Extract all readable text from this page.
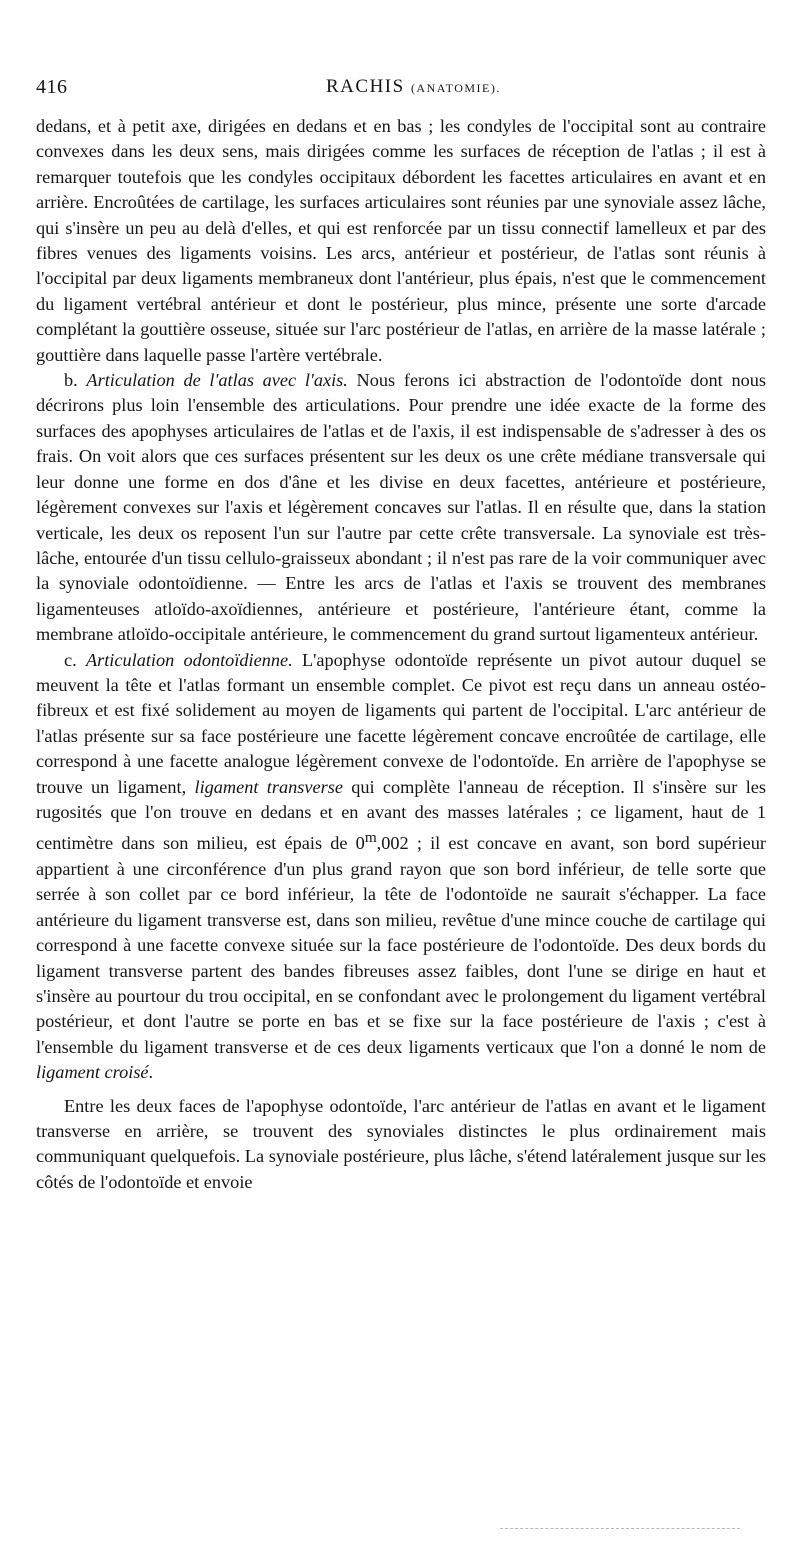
416	RACHIS (ANATOMIE).

dedans, et à petit axe, dirigées en dedans et en bas ; les condyles de l'occipital sont au contraire convexes dans les deux sens, mais dirigées comme les surfaces de réception de l'atlas ; il est à remarquer toutefois que les condyles occipitaux débordent les facettes articulaires en avant et en arrière. Encroûtées de cartilage, les surfaces articulaires sont réunies par une synoviale assez lâche, qui s'insère un peu au delà d'elles, et qui est renforcée par un tissu connectif lamelleux et par des fibres venues des ligaments voisins. Les arcs, antérieur et postérieur, de l'atlas sont réunis à l'occipital par deux ligaments membraneux dont l'antérieur, plus épais, n'est que le commencement du ligament vertébral antérieur et dont le postérieur, plus mince, présente une sorte d'arcade complétant la gouttière osseuse, située sur l'arc postérieur de l'atlas, en arrière de la masse latérale ; gouttière dans laquelle passe l'artère vertébrale.

b. Articulation de l'atlas avec l'axis. Nous ferons ici abstraction de l'odontoïde dont nous décrirons plus loin l'ensemble des articulations. Pour prendre une idée exacte de la forme des surfaces des apophyses articulaires de l'atlas et de l'axis, il est indispensable de s'adresser à des os frais. On voit alors que ces surfaces présentent sur les deux os une crête médiane transversale qui leur donne une forme en dos d'âne et les divise en deux facettes, antérieure et postérieure, légèrement convexes sur l'axis et légèrement concaves sur l'atlas. Il en résulte que, dans la station verticale, les deux os reposent l'un sur l'autre par cette crête transversale. La synoviale est très-lâche, entourée d'un tissu cellulo-graisseux abondant ; il n'est pas rare de la voir communiquer avec la synoviale odontoïdienne. — Entre les arcs de l'atlas et l'axis se trouvent des membranes ligamenteuses atloïdo-axoïdiennes, antérieure et postérieure, l'antérieure étant, comme la membrane atloïdo-occipitale antérieure, le commencement du grand surtout ligamenteux antérieur.

c. Articulation odontoïdienne. L'apophyse odontoïde représente un pivot autour duquel se meuvent la tête et l'atlas formant un ensemble complet. Ce pivot est reçu dans un anneau ostéo-fibreux et est fixé solidement au moyen de ligaments qui partent de l'occipital. L'arc antérieur de l'atlas présente sur sa face postérieure une facette légèrement concave encroûtée de cartilage, elle correspond à une facette analogue légèrement convexe de l'odontoïde. En arrière de l'apophyse se trouve un ligament, ligament transverse qui complète l'anneau de réception. Il s'insère sur les rugosités que l'on trouve en dedans et en avant des masses latérales ; ce ligament, haut de 1 centimètre dans son milieu, est épais de 0$^m$,002 ; il est concave en avant, son bord supérieur appartient à une circonférence d'un plus grand rayon que son bord inférieur, de telle sorte que serrée à son collet par ce bord inférieur, la tête de l'odontoïde ne saurait s'échapper. La face antérieure du ligament transverse est, dans son milieu, revêtue d'une mince couche de cartilage qui correspond à une facette convexe située sur la face postérieure de l'odontoïde. Des deux bords du ligament transverse partent des bandes fibreuses assez faibles, dont l'une se dirige en haut et s'insère au pourtour du trou occipital, en se confondant avec le prolongement du ligament vertébral postérieur, et dont l'autre se porte en bas et se fixe sur la face postérieure de l'axis ; c'est à l'ensemble du ligament transverse et de ces deux ligaments verticaux que l'on a donné le nom de ligament croisé.

Entre les deux faces de l'apophyse odontoïde, l'arc antérieur de l'atlas en avant et le ligament transverse en arrière, se trouvent des synoviales distinctes le plus ordinairement mais communiquant quelquefois. La synoviale postérieure, plus lâche, s'étend latéralement jusque sur les côtés de l'odontoïde et envoie
